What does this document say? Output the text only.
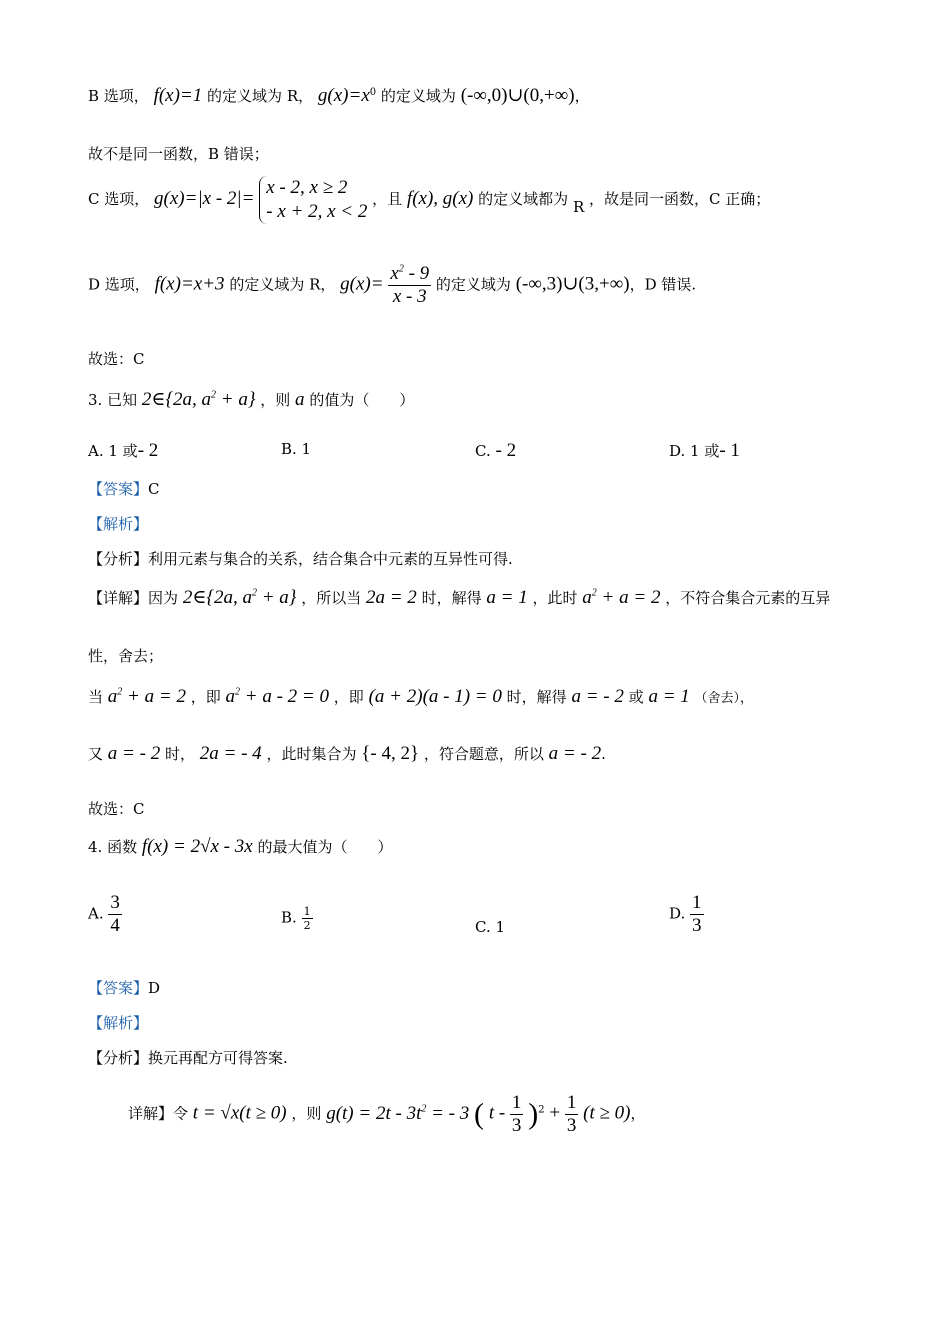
B 选项， f(x)=1 的定义域为 R， $g(x)=x^0$ 的定义域为 (-∞,0)∪(0,+∞)，
故不是同一函数，B 错误；
C 选项， g(x)=|x - 2|=
x - 2, x ≥ 2
- x + 2, x < 2
，且 f(x), g(x) 的定义域都为 R ，故是同一函数，C 正确；
D 选项， f(x)=x+3 的定义域为 R， $g(x)= \frac{x^2 - 9}{x - 3}$ 的定义域为 (-∞,3)∪(3,+∞)，D 错误.
故选：C
3. 已知 2∈{2a, $a^2 + a$} ，则 a 的值为（　　）
A. 1 或- 2	B. 1	C. - 2	D. 1 或- 1
【答案】C
【解析】
【分析】利用元素与集合的关系，结合集合中元素的互异性可得.
【详解】因为 2∈{2a, $a^2 + a$} ，所以当 2a = 2 时，解得 a = 1 ，此时 $a^2 + a = 2$ ，不符合集合元素的互异
性，舍去；
当 $a^2 + a = 2$ ，即 $a^2 + a - 2 = 0$ ，即 (a + 2)(a - 1) = 0 时，解得 a = - 2 或 a = 1 （舍去），
又 a = - 2 时， 2a = - 4 ，此时集合为 {- 4, 2} ，符合题意，所以 a = - 2.
故选：C
4. 函数 f(x) = 2√x - 3x 的最大值为（　　）
A. $\frac{3}{4}$	B. $\frac{1}{2}$	C. 1
D. $\frac{1}{3}$
【答案】D
【解析】
【分析】换元再配方可得答案.
详解】令 t = √x(t ≥ 0) ，则 $g(t) = 2t - 3t^2$ = - 3 ( $t - \frac{1}{3} )^2 + \frac{1}{3} (t \ge 0)$，
